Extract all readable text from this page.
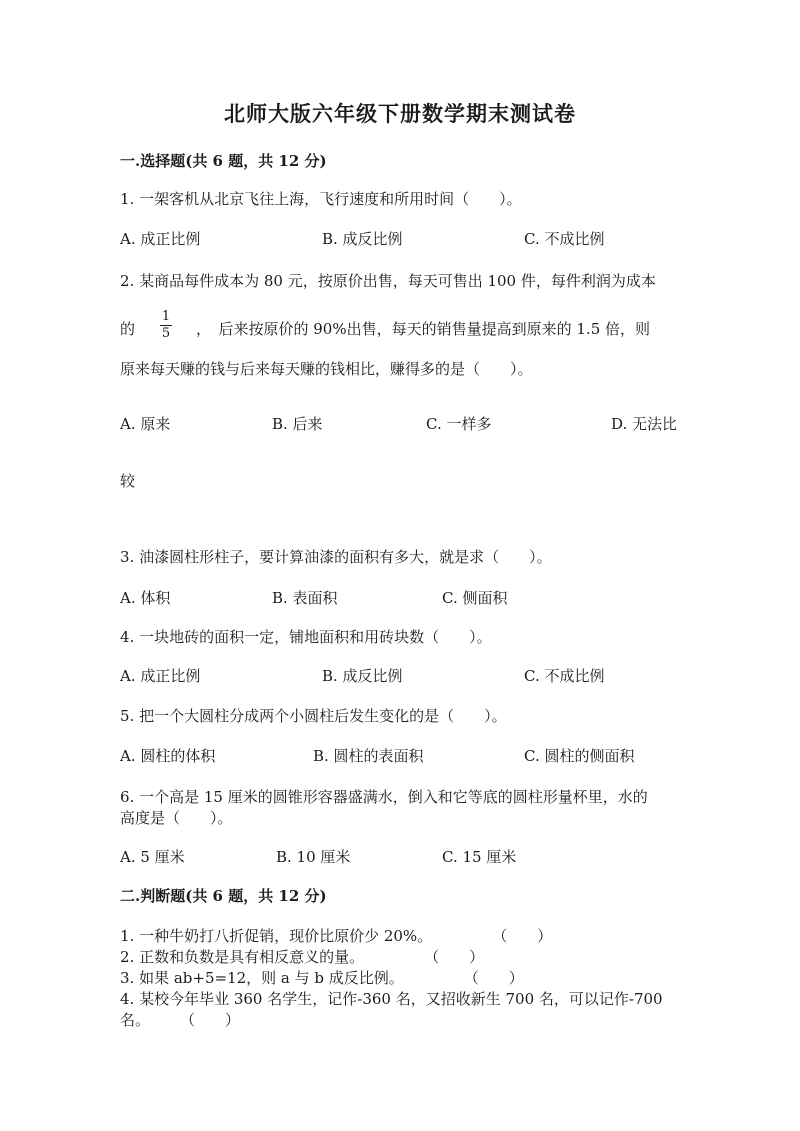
北师大版六年级下册数学期末测试卷
一.选择题(共 6 题，共 12 分)
1. 一架客机从北京飞往上海，飞行速度和所用时间（　　）。
A. 成正比例	B. 成反比例	C. 不成比例
2. 某商品每件成本为 80 元，按原价出售，每天可售出 100 件，每件利润为成本
的 $\frac{1}{5}$ ，　后来按原价的 90%出售，每天的销售量提高到原来的 1.5 倍，则
原来每天赚的钱与后来每天赚的钱相比，赚得多的是（　　）。
A. 原来	B. 后来	C. 一样多	D. 无法比
较
3. 油漆圆柱形柱子，要计算油漆的面积有多大，就是求（　　）。
A. 体积	B. 表面积	C. 侧面积
4. 一块地砖的面积一定，铺地面积和用砖块数（　　）。
A. 成正比例	B. 成反比例	C. 不成比例
5. 把一个大圆柱分成两个小圆柱后发生变化的是（　　）。
A. 圆柱的体积	B. 圆柱的表面积	C. 圆柱的侧面积
6. 一个高是 15 厘米的圆锥形容器盛满水，倒入和它等底的圆柱形量杯里，水的
高度是（　　）。
A. 5 厘米	B. 10 厘米	C. 15 厘米
二.判断题(共 6 题，共 12 分)
1. 一种牛奶打八折促销，现价比原价少 20%。　　　　　（　　）
2. 正数和负数是具有相反意义的量。　　　　　（　　）
3. 如果 ab+5=12，则 a 与 b 成反比例。　　　　　（　　）
4. 某校今年毕业 360 名学生，记作-360 名，又招收新生 700 名，可以记作-700
名。　　　（　　）
